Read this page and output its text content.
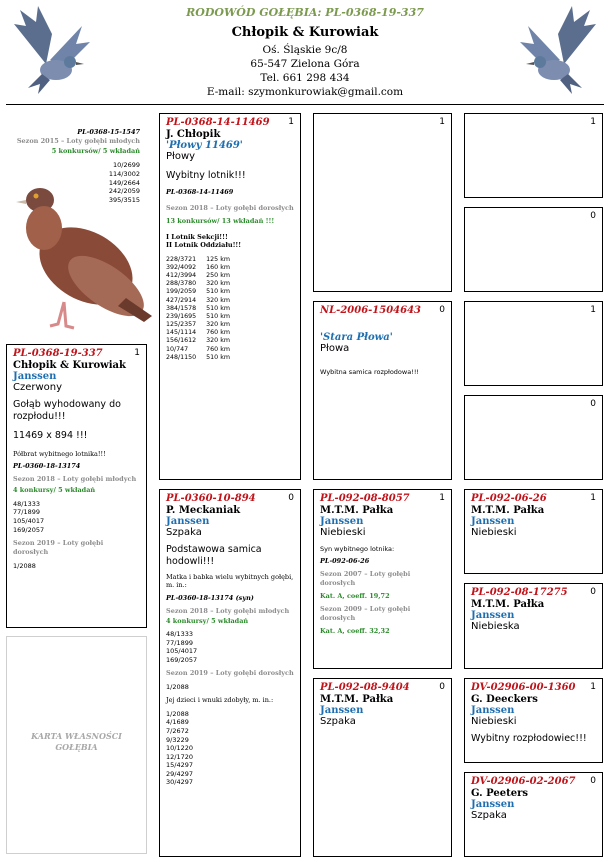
RODOWÓD GOŁĘBIA: PL-0368-19-337
Chłopik & Kurowiak
Oś. Śląskie 9c/8
65-547 Zielona Góra
Tel. 661 298 434
E-mail: szymonkurowiak@gmail.com
PL-0368-15-1547
Sezon 2015 – Loty gołębi młodych
5 konkursów/ 5 wkładań
10/2699
114/3002
149/2664
242/2059
395/3515
PL-0368-19-337	1
Chłopik & Kurowiak
Janssen
Czerwony
Gołąb wyhodowany do rozpłodu!!!
11469 x 894 !!!
Półbrat wybitnego lotnika!!!
PL-0360-18-13174
Sezon 2018 – Loty gołębi młodych
4 konkursy/ 5 wkładań
48/1333
77/1899
105/4017
169/2057
Sezon 2019 – Loty gołębi dorosłych
1/2088
KARTA WŁASNOŚCI GOŁĘBIA
PL-0368-14-11469	1
J. Chłopik
'Płowy 11469'
Płowy
Wybitny lotnik!!!
PL-0368-14-11469
Sezon 2018 – Loty gołębi dorosłych
13 konkursów/ 13 wkładań !!!
I Lotnik Sekcji!!!
II Lotnik Oddziału!!!
228/3721	125 km
392/4092	160 km
412/3994	250 km
288/3780	320 km
199/2059	510 km
427/2914	320 km
384/1578	510 km
239/1695	510 km
125/2357	320 km
145/1114	760 km
156/1612	320 km
10/747	760 km
248/1150	510 km
PL-0360-10-894	0
P. Meckaniak
Janssen
Szpaka
Podstawowa samica hodowli!!!
Matka i babka wielu wybitnych gołębi, m. in.:
PL-0360-18-13174 (syn)
Sezon 2018 – Loty gołębi młodych
4 konkursy/ 5 wkładań
48/1333
77/1899
105/4017
169/2057
Sezon 2019 – Loty gołębi dorosłych
1/2088
Jej dzieci i wnuki zdobyły, m. in.:
1/2088
4/1689
7/2672
9/3229
10/1220
12/1720
15/4297
29/4297
30/4297
1
NL-2006-1504643	0
'Stara Płowa'
Płowa
Wybitna samica rozpłodowa!!!
PL-092-08-8057	1
M.T.M. Pałka
Janssen
Niebieski
Syn wybitnego lotnika:
PL-092-06-26
Sezon 2007 – Loty gołębi dorosłych
Kat. A, coeff. 19,72
Sezon 2009 – Loty gołębi dorosłych
Kat. A, coeff. 32,32
PL-092-08-9404	0
M.T.M. Pałka
Janssen
Szpaka
1
0
1
0
PL-092-06-26	1
M.T.M. Pałka
Janssen
Niebieski
PL-092-08-17275	0
M.T.M. Pałka
Janssen
Niebieska
DV-02906-00-1360	1
G. Deeckers
Janssen
Niebieski
Wybitny rozpłodowiec!!!
DV-02906-02-2067	0
G. Peeters
Janssen
Szpaka
